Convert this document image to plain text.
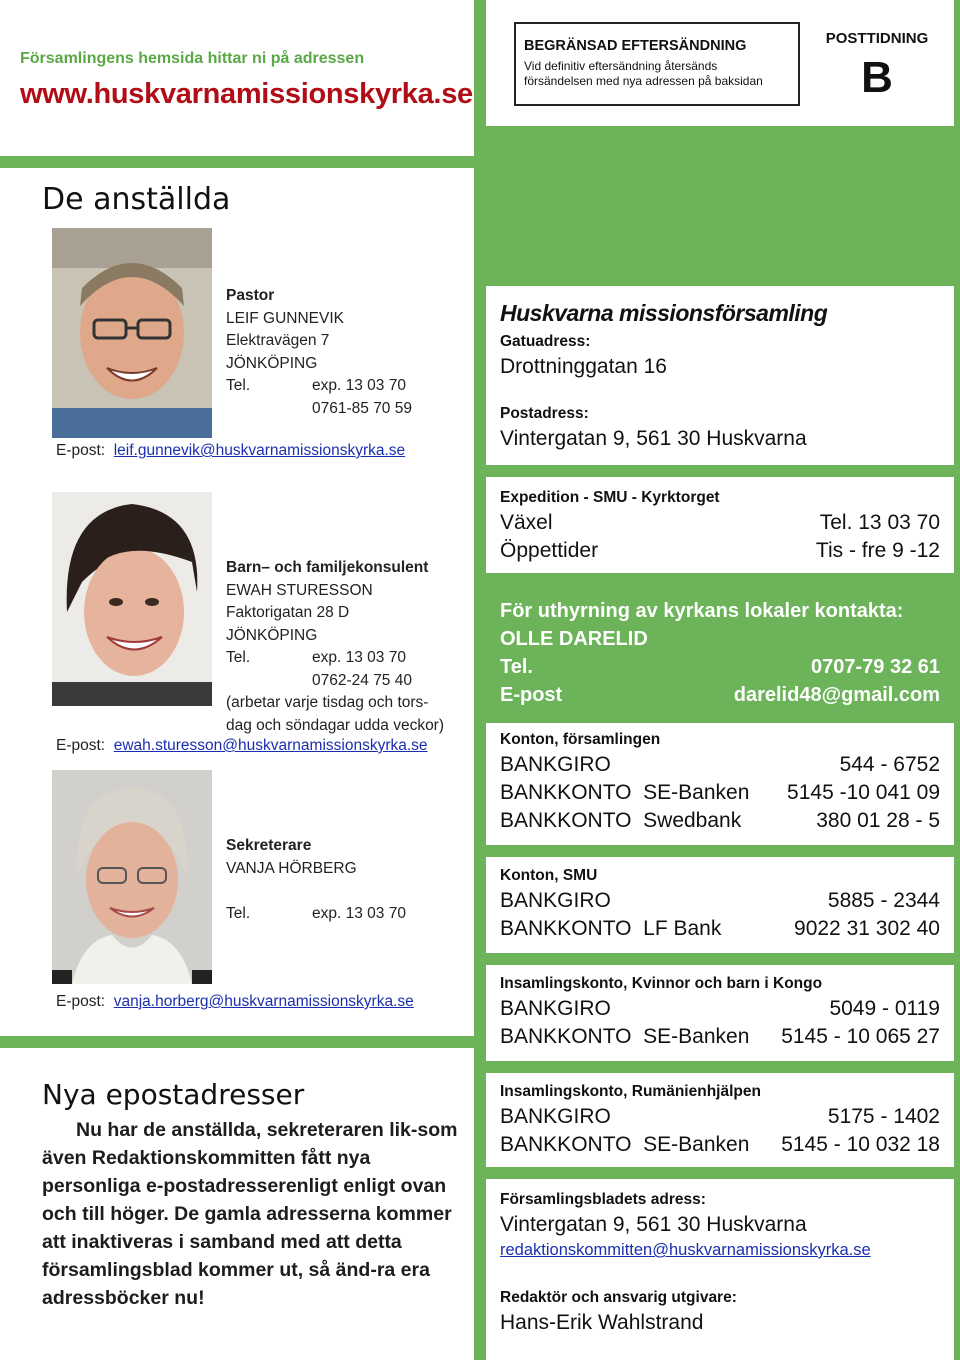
Församlingens hemsida hittar ni på adressen
www.huskvarnamissionskyrka.se
BEGRÄNSAD EFTERSÄNDNING
Vid definitiv eftersändning återsänds
försändelsen med nya adressen på baksidan
POSTTIDNING
B
De anställda
Pastor
LEIF GUNNEVIK
Elektravägen 7
JÖNKÖPING
Tel.	exp. 13 03 70
0761-85 70 59
E-post: leif.gunnevik@huskvarnamissionskyrka.se
Barn– och familjekonsulent
EWAH STURESSON
Faktorigatan 28 D
JÖNKÖPING
Tel.	exp. 13 03 70
0762-24 75 40
(arbetar varje tisdag och tors-
dag och söndagar udda veckor)
E-post: ewah.sturesson@huskvarnamissionskyrka.se
Sekreterare
VANJA HÖRBERG
Tel.	exp. 13 03 70
E-post: vanja.horberg@huskvarnamissionskyrka.se
Nya epostadresser
Nu har de anställda, sekreteraren lik-som även Redaktionskommitten fått nya personliga e-postadresserenligt enligt ovan och till höger. De gamla adresserna kommer att inaktiveras i samband med att detta församlingsblad kommer ut, så änd-ra era adressböcker nu!
Huskvarna missionsförsamling
Gatuadress:
Drottninggatan 16
Postadress:
Vintergatan 9, 561 30 Huskvarna
Expedition - SMU - Kyrktorget
Växel	Tel. 13 03 70
Öppettider	Tis - fre 9 -12
För uthyrning av kyrkans lokaler kontakta:
OLLE DARELID
Tel.	0707-79 32 61
E-post	darelid48@gmail.com
Konton, församlingen
BANKGIRO	544 - 6752
BANKKONTO  SE-Banken 5145 -10 041 09
BANKKONTO  Swedbank	380 01 28 - 5
Konton, SMU
BANKGIRO	5885 - 2344
BANKKONTO  LF Bank	9022 31 302 40
Insamlingskonto, Kvinnor och barn i Kongo
BANKGIRO	5049 - 0119
BANKKONTO  SE-Banken 5145 - 10 065 27
Insamlingskonto, Rumänienhjälpen
BANKGIRO	5175 - 1402
BANKKONTO  SE-Banken 5145 - 10 032 18
Församlingsbladets adress:
Vintergatan 9, 561 30 Huskvarna
redaktionskommitten@huskvarnamissionskyrka.se
Redaktör och ansvarig utgivare:
Hans-Erik Wahlstrand
